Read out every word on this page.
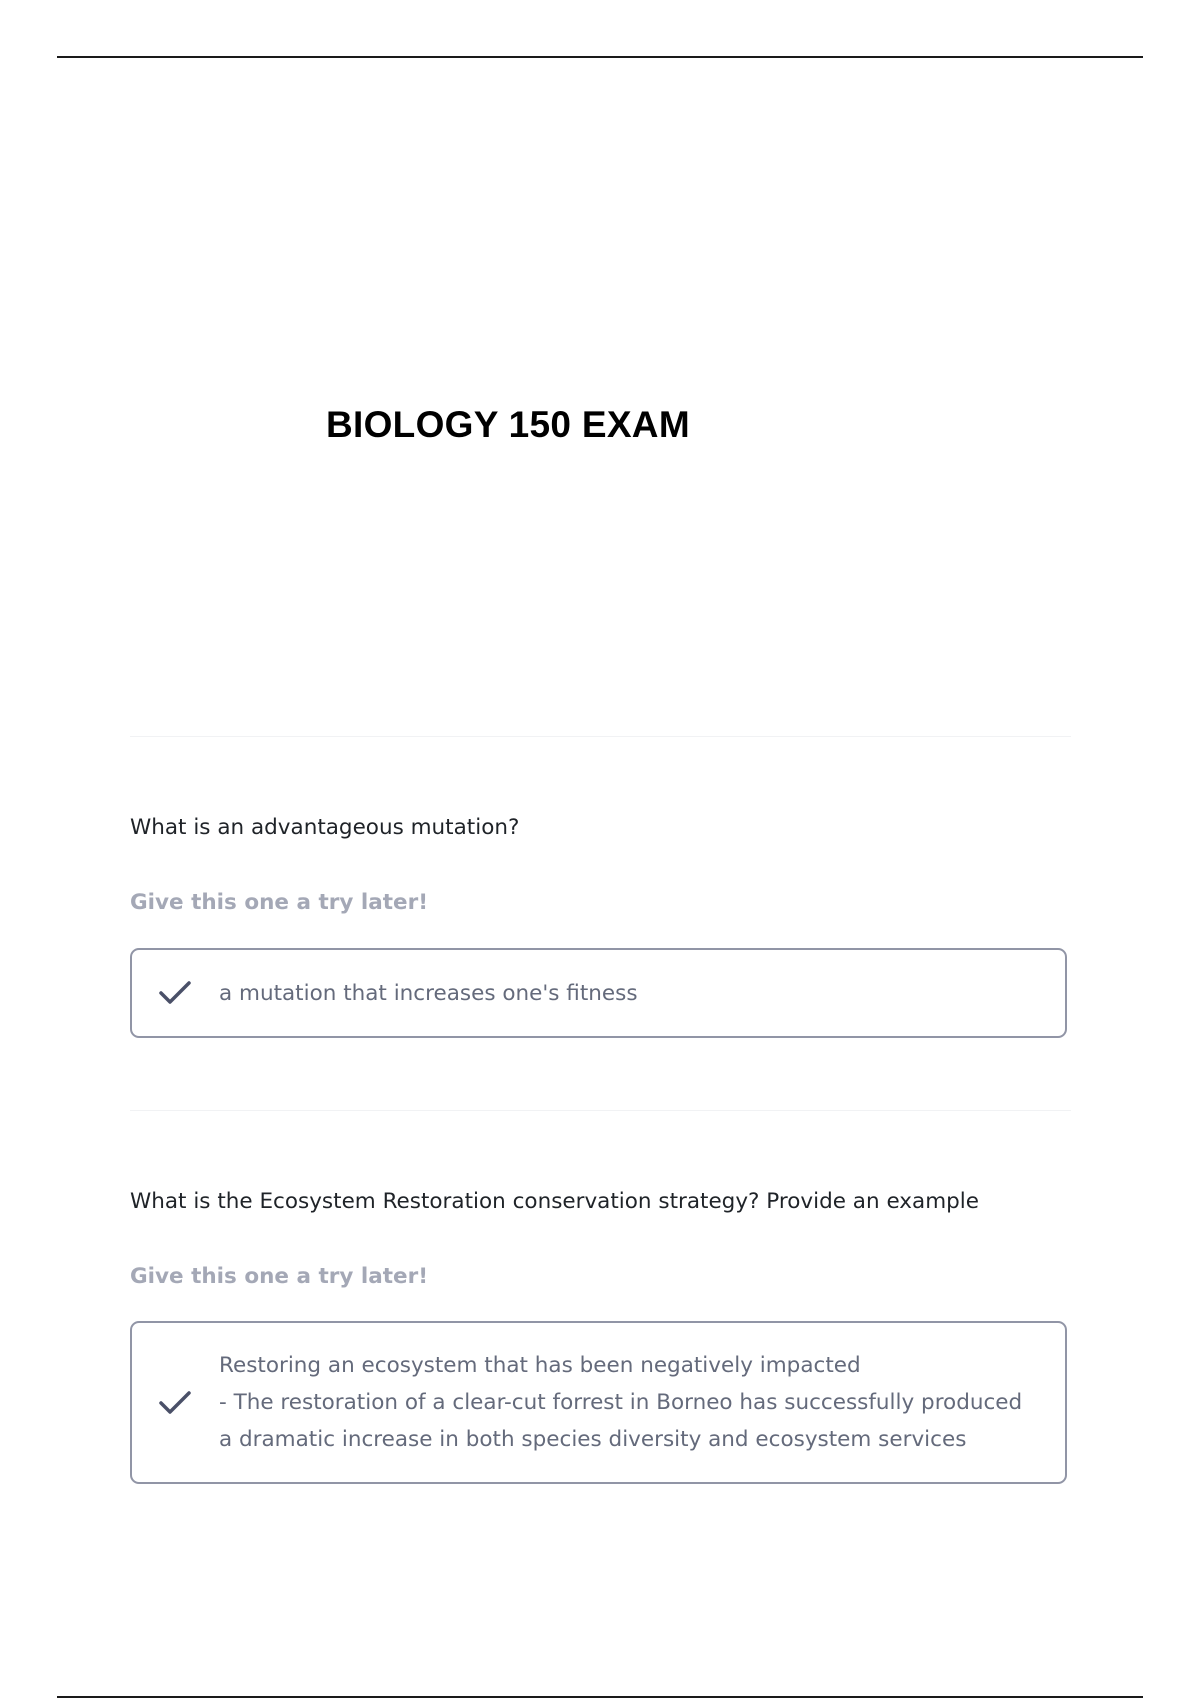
BIOLOGY 150 EXAM
What is an advantageous mutation?
Give this one a try later!
a mutation that increases one's fitness
What is the Ecosystem Restoration conservation strategy? Provide an example
Give this one a try later!
Restoring an ecosystem that has been negatively impacted
- The restoration of a clear-cut forrest in Borneo has successfully produced
a dramatic increase in both species diversity and ecosystem services
